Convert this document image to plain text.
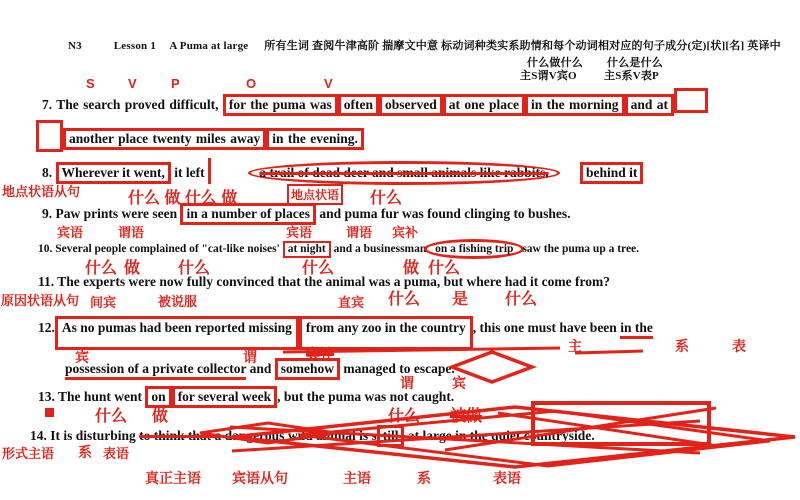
N3	Lesson 1 A Puma at large 所有生词 查阅牛津高阶 揣摩文中意 标动词种类实系助情和每个动词相对应的句子成分(定)[状][名] 英译中
什么做什么 什么是什么
主S谓V宾O 主S系V表P
S	V	P	O	V
7. The search proved difficult, for the puma was often observed at one place in the morning and at
another place twenty miles away in the evening.
8. Wherever it went, it left	a trail of dead deer and small animals like rabbits.	behind it
地点状语从句	什么 做 什么 做	地点状语 什么
9. Paw prints were seen in a number of places and puma fur was found clinging to bushes.
宾语	谓语	宾语	谓语 宾补
10. Several people complained of "cat-like noises' at night and a businessman on a fishing trip saw the puma up a tree.
什么 做 什么	什么	做 什么
11. The experts were now fully convinced that the animal was a puma, but where had it come from?
原因状语从句 间宾	被说服	直宾 什么 是 什么
12. As no pumas had been reported missing from any zoo in the country , this one must have been in the
主	系	表
宾	谓	宾补
possession of a private collector and somehow managed to escape.
谓	宾
13. The hunt went on for several week , but the puma was not caught.
什么 做	什么 被做
14. It is disturbing to think that a dangerous wild animal is s till at large in the quiet countryside.
形式主语 系 表语
真正主语 宾语从句	主语	系	表语
